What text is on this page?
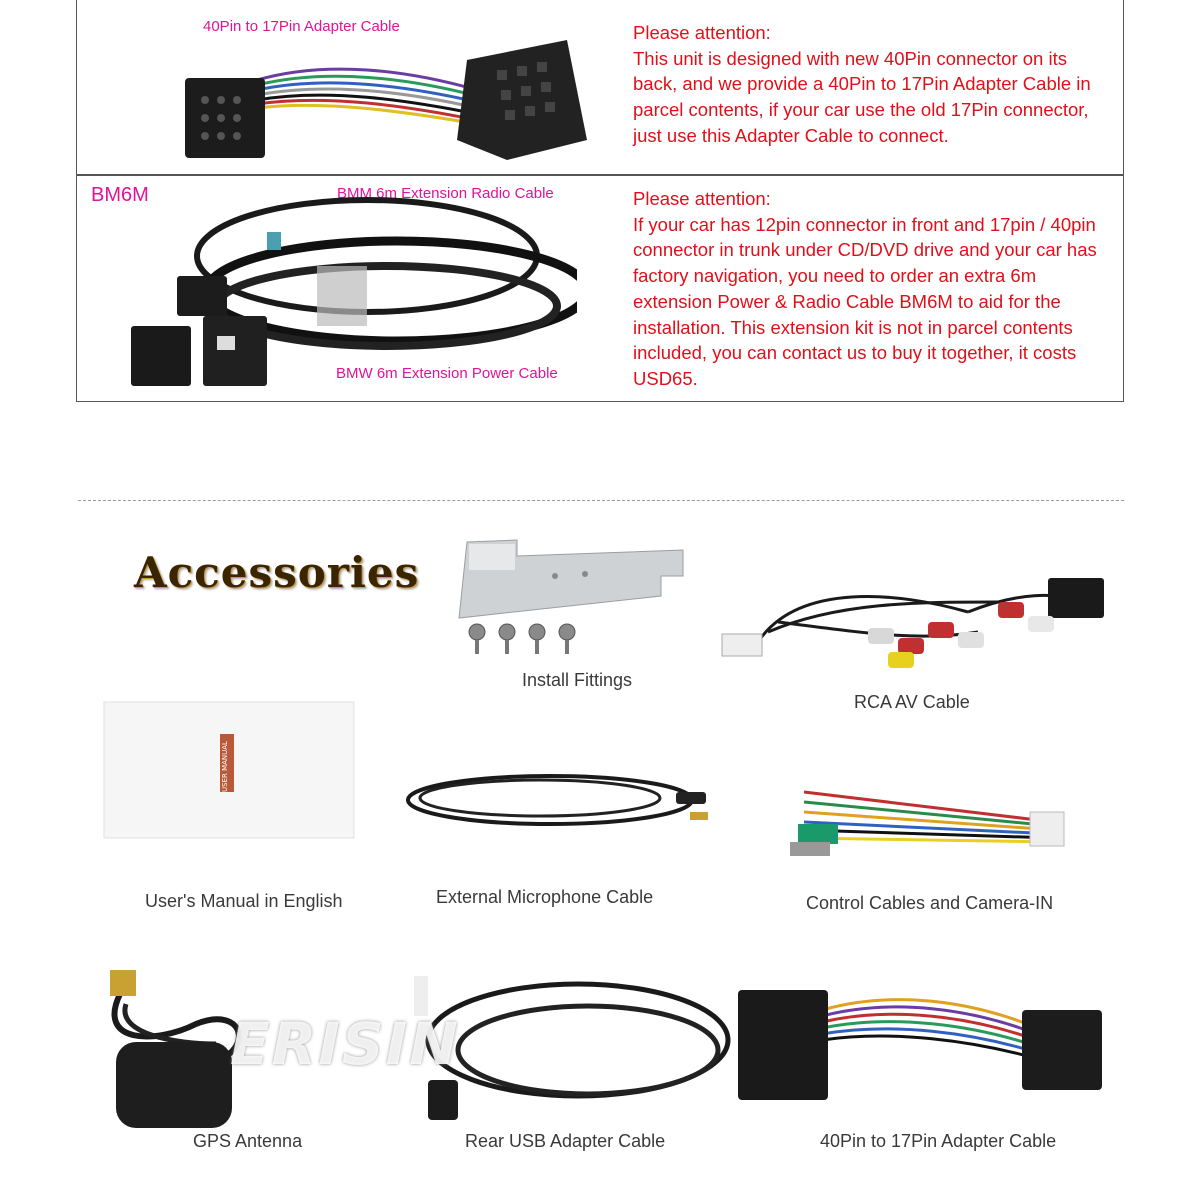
40Pin to 17Pin Adapter Cable	Please attention:
This unit is designed with new 40Pin connector on its back, and we provide a 40Pin to 17Pin Adapter Cable in parcel contents, if your car use the old 17Pin connector, just use this Adapter Cable to connect.
BM6M	BMM 6m Extension Radio Cable
BMW 6m Extension Power Cable
Please attention:
If your car has 12pin connector in front and 17pin / 40pin connector in trunk under CD/DVD drive and your car has factory navigation, you need to order an extra 6m extension Power & Radio Cable BM6M to aid for the installation. This extension kit is not in parcel contents included, you can contact us to buy it together, it costs USD65.
Accessories
Install Fittings
RCA AV Cable
USER MANUAL
User's Manual in English	External Microphone Cable	Control Cables and Camera-IN
GPS Antenna	Rear USB Adapter Cable	40Pin to 17Pin Adapter Cable
ERISIN
